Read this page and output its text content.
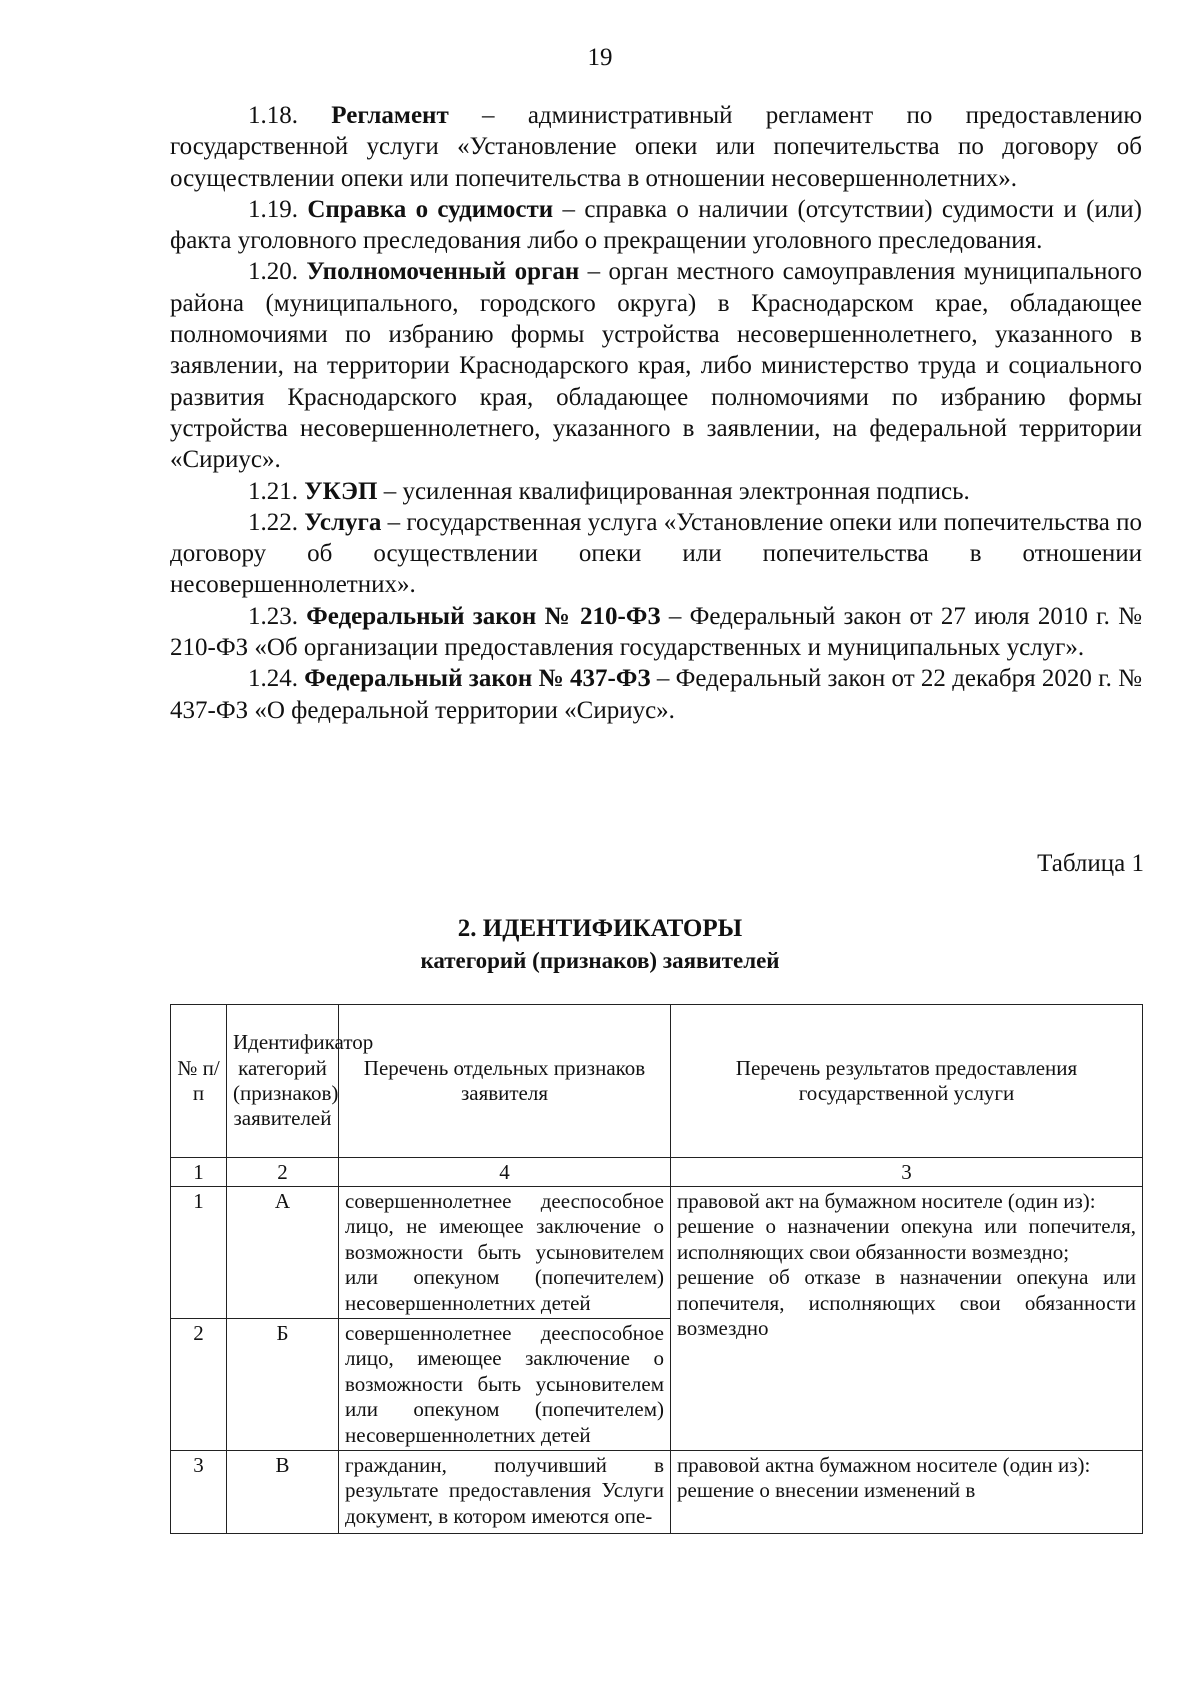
19

1.18. Регламент – административный регламент по предоставлению государственной услуги «Установление опеки или попечительства по договору об осуществлении опеки или попечительства в отношении несовершеннолетних».

1.19. Справка о судимости – справка о наличии (отсутствии) судимости и (или) факта уголовного преследования либо о прекращении уголовного преследования.

1.20. Уполномоченный орган – орган местного самоуправления муниципального района (муниципального, городского округа) в Краснодарском крае, обладающее полномочиями по избранию формы устройства несовершеннолетнего, указанного в заявлении, на территории Краснодарского края, либо министерство труда и социального развития Краснодарского края, обладающее полномочиями по избранию формы устройства несовершеннолетнего, указанного в заявлении, на федеральной территории «Сириус».

1.21. УКЭП – усиленная квалифицированная электронная подпись.

1.22. Услуга – государственная услуга «Установление опеки или попечительства по договору об осуществлении опеки или попечительства в отношении несовершеннолетних».

1.23. Федеральный закон № 210-ФЗ – Федеральный закон от 27 июля 2010 г. № 210-ФЗ «Об организации предоставления государственных и муниципальных услуг».

1.24. Федеральный закон № 437-ФЗ – Федеральный закон от 22 декабря 2020 г. № 437-ФЗ «О федеральной территории «Сириус».

Таблица 1
2. ИДЕНТИФИКАТОРЫ
категорий (признаков) заявителей
№ п/п	Идентификатор категорий (признаков) заявителей	Перечень отдельных признаков заявителя	Перечень результатов предоставления государственной услуги
1	2	4	3
1	А	совершеннолетнее дееспособное лицо, не имеющее заключение о возможности быть усыновителем или опекуном (попечителем) несовершеннолетних детей	правовой акт на бумажном носителе (один из):
решение о назначении опекуна или попечителя, исполняющих свои обязанности возмездно;
решение об отказе в назначении опекуна или попечителя, исполняющих свои обязанности возмездно

2	Б	совершеннолетнее дееспособное лицо, имеющее заключение о возможности быть усыновителем или опекуном (попечителем) несовершеннолетних детей	
3	В	гражданин, получивший в результате предоставления Услуги документ, в котором имеются опе-	правовой актна бумажном носителе (один из):
решение о внесении изменений в
